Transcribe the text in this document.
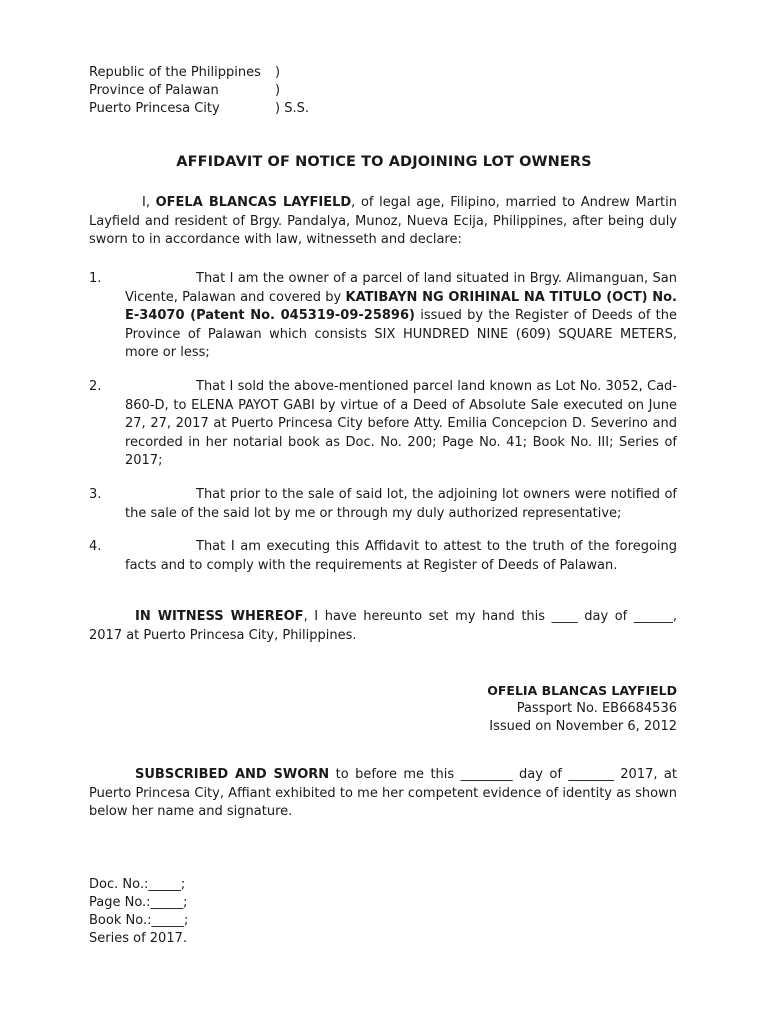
Republic of the Philippines	)
Province of Palawan	)
Puerto Princesa City	) S.S.
AFFIDAVIT OF NOTICE TO ADJOINING LOT OWNERS
I, OFELA BLANCAS LAYFIELD, of legal age, Filipino, married to Andrew Martin Layfield and resident of Brgy. Pandalya, Munoz, Nueva Ecija, Philippines, after being duly sworn to in accordance with law, witnesseth and declare:
1.	That I am the owner of a parcel of land situated in Brgy. Alimanguan, San Vicente, Palawan and covered by KATIBAYN NG ORIHINAL NA TITULO (OCT) No. E-34070 (Patent No. 045319-09-25896) issued by the Register of Deeds of the Province of Palawan which consists SIX HUNDRED NINE (609) SQUARE METERS, more or less;
2.	That I sold the above-mentioned parcel land known as Lot No. 3052, Cad-860-D, to ELENA PAYOT GABI by virtue of a Deed of Absolute Sale executed on June 27, 27, 2017 at Puerto Princesa City before Atty. Emilia Concepcion D. Severino and recorded in her notarial book as Doc. No. 200; Page No. 41; Book No. III; Series of 2017;
3.	That prior to the sale of said lot, the adjoining lot owners were notified of the sale of the said lot by me or through my duly authorized representative;
4.	That I am executing this Affidavit to attest to the truth of the foregoing facts and to comply with the requirements at Register of Deeds of Palawan.
IN WITNESS WHEREOF, I have hereunto set my hand this ____ day of ______, 2017 at Puerto Princesa City, Philippines.
OFELIA BLANCAS LAYFIELD
Passport No. EB6684536
Issued on November 6, 2012
SUBSCRIBED AND SWORN to before me this ________ day of _______ 2017, at Puerto Princesa City, Affiant exhibited to me her competent evidence of identity as shown below her name and signature.
Doc. No.:_____;
Page No.:_____;
Book No.:_____;
Series of 2017.
